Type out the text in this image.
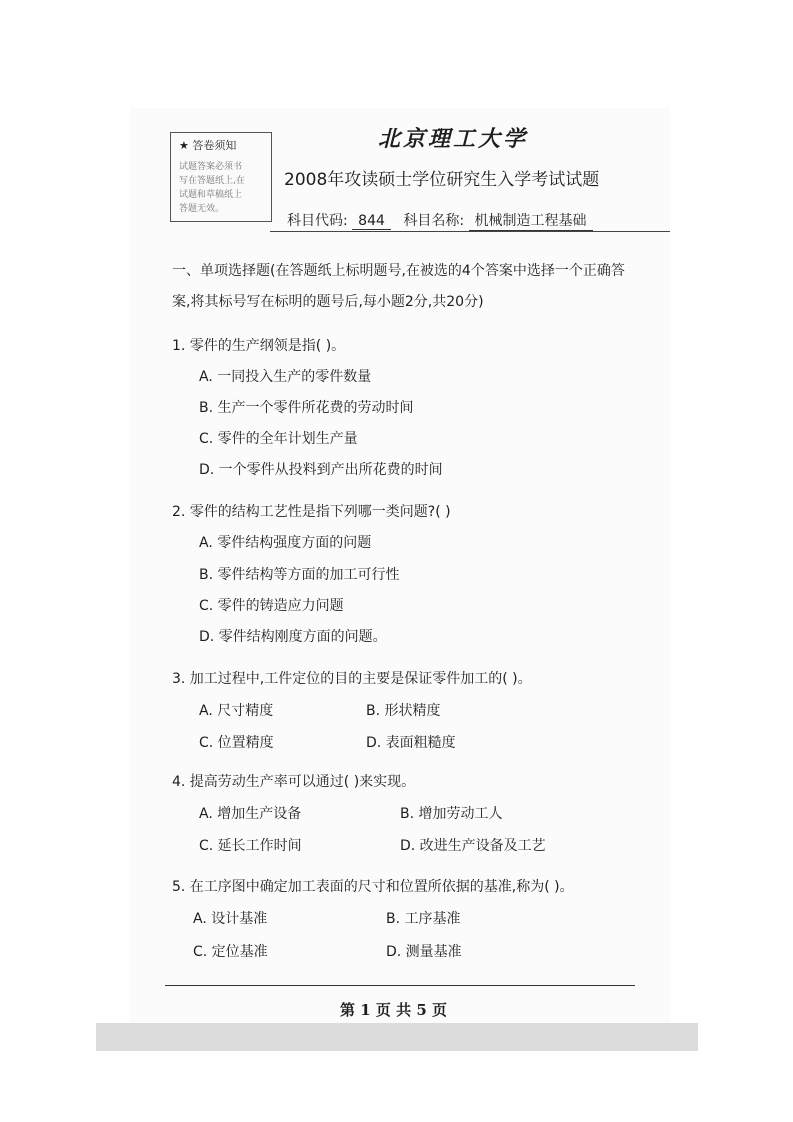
★ 答卷须知
试题答案必须书
写在答题纸上,在
试题和草稿纸上
答题无效。
北京理工大学
2008年攻读硕士学位研究生入学考试试题
科目代码: 844 科目名称: 机械制造工程基础
一、单项选择题(在答题纸上标明题号,在被选的4个答案中选择一个正确答
案,将其标号写在标明的题号后,每小题2分,共20分)
1. 零件的生产纲领是指( )。
A. 一同投入生产的零件数量
B. 生产一个零件所花费的劳动时间
C. 零件的全年计划生产量
D. 一个零件从投料到产出所花费的时间
2. 零件的结构工艺性是指下列哪一类问题?( )
A. 零件结构强度方面的问题
B. 零件结构等方面的加工可行性
C. 零件的铸造应力问题
D. 零件结构刚度方面的问题。
3. 加工过程中,工件定位的目的主要是保证零件加工的( )。
A. 尺寸精度	B. 形状精度
C. 位置精度	D. 表面粗糙度
4. 提高劳动生产率可以通过( )来实现。
A. 增加生产设备	B. 增加劳动工人
C. 延长工作时间	D. 改进生产设备及工艺
5. 在工序图中确定加工表面的尺寸和位置所依据的基准,称为( )。
A. 设计基准	B. 工序基准
C. 定位基准	D. 测量基准
第 1 页 共 5 页
